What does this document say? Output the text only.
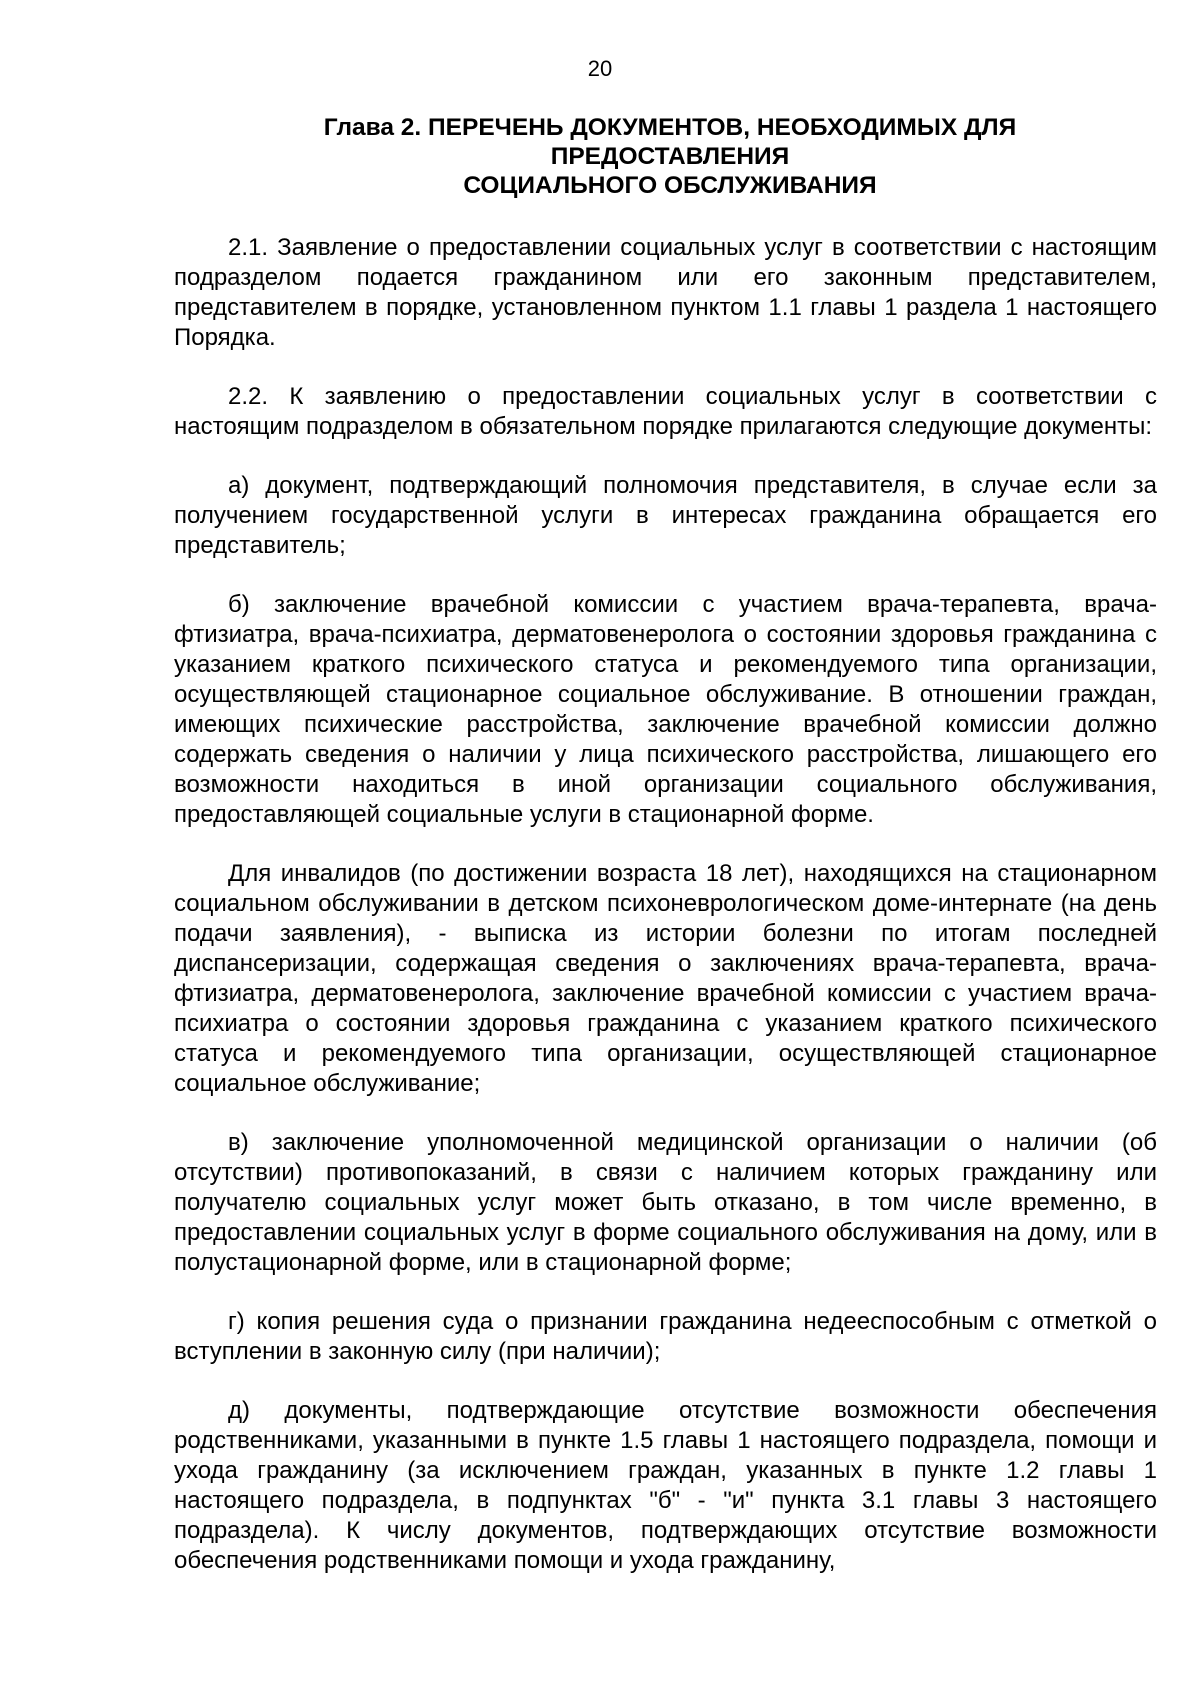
20
Глава 2. ПЕРЕЧЕНЬ ДОКУМЕНТОВ, НЕОБХОДИМЫХ ДЛЯ
ПРЕДОСТАВЛЕНИЯ
СОЦИАЛЬНОГО ОБСЛУЖИВАНИЯ

2.1. Заявление о предоставлении социальных услуг в соответствии с настоящим подразделом подается гражданином или его законным представителем, представителем в порядке, установленном пунктом 1.1 главы 1 раздела 1 настоящего Порядка.

2.2. К заявлению о предоставлении социальных услуг в соответствии с настоящим подразделом в обязательном порядке прилагаются следующие документы:

а) документ, подтверждающий полномочия представителя, в случае если за получением государственной услуги в интересах гражданина обращается его представитель;

б) заключение врачебной комиссии с участием врача-терапевта, врача-фтизиатра, врача-психиатра, дерматовенеролога о состоянии здоровья гражданина с указанием краткого психического статуса и рекомендуемого типа организации, осуществляющей стационарное социальное обслуживание. В отношении граждан, имеющих психические расстройства, заключение врачебной комиссии должно содержать сведения о наличии у лица психического расстройства, лишающего его возможности находиться в иной организации социального обслуживания, предоставляющей социальные услуги в стационарной форме.

Для инвалидов (по достижении возраста 18 лет), находящихся на стационарном социальном обслуживании в детском психоневрологическом доме-интернате (на день подачи заявления), - выписка из истории болезни по итогам последней диспансеризации, содержащая сведения о заключениях врача-терапевта, врача-фтизиатра, дерматовенеролога, заключение врачебной комиссии с участием врача-психиатра о состоянии здоровья гражданина с указанием краткого психического статуса и рекомендуемого типа организации, осуществляющей стационарное социальное обслуживание;

в) заключение уполномоченной медицинской организации о наличии (об отсутствии) противопоказаний, в связи с наличием которых гражданину или получателю социальных услуг может быть отказано, в том числе временно, в предоставлении социальных услуг в форме социального обслуживания на дому, или в полустационарной форме, или в стационарной форме;

г) копия решения суда о признании гражданина недееспособным с отметкой о вступлении в законную силу (при наличии);

д) документы, подтверждающие отсутствие возможности обеспечения родственниками, указанными в пункте 1.5 главы 1 настоящего подраздела, помощи и ухода гражданину (за исключением граждан, указанных в пункте 1.2 главы 1 настоящего подраздела, в подпунктах "б" - "и" пункта 3.1 главы 3 настоящего подраздела). К числу документов, подтверждающих отсутствие возможности обеспечения родственниками помощи и ухода гражданину,
